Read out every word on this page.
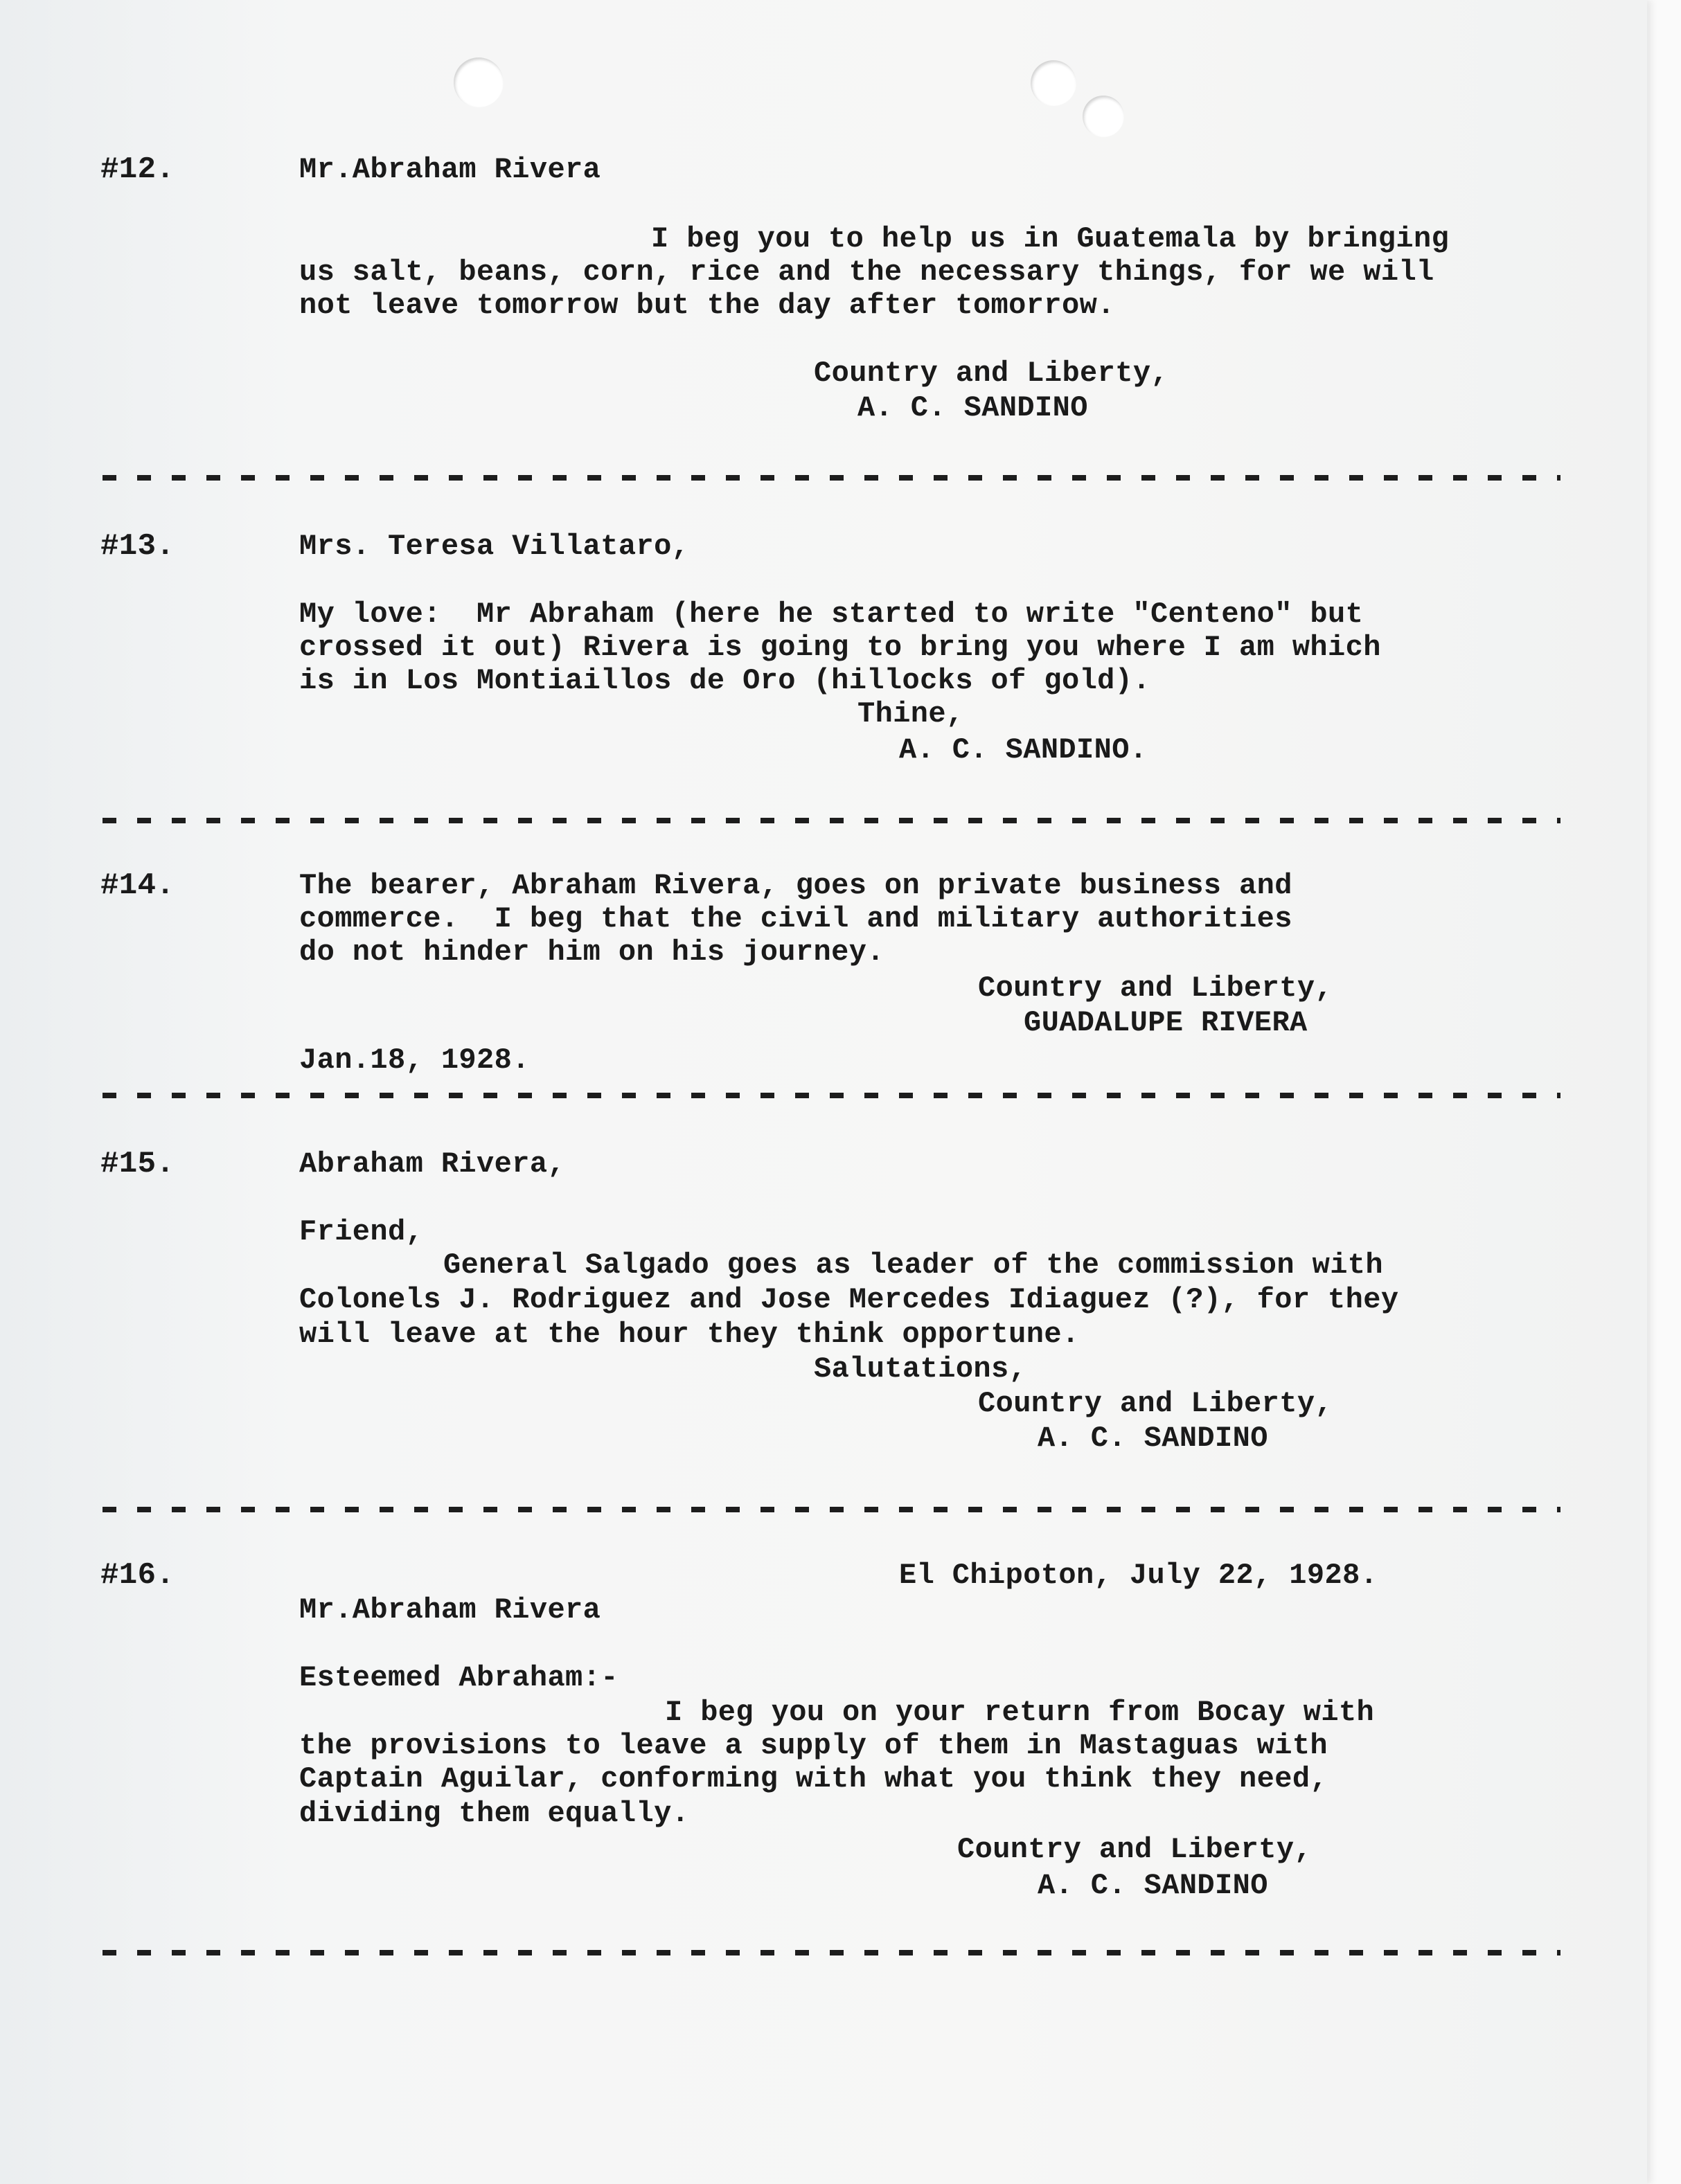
#12.	Mr.Abraham Rivera

I beg you to help us in Guatemala by bringing

us salt, beans, corn, rice and the necessary things, for we will

not leave tomorrow but the day after tomorrow.

Country and Liberty,

A. C. SANDINO

#13.	Mrs. Teresa Villataro,

My love:  Mr Abraham (here he started to write "Centeno" but

crossed it out) Rivera is going to bring you where I am which

is in Los Montiaillos de Oro (hillocks of gold).

Thine,

A. C. SANDINO.

#14.	The bearer, Abraham Rivera, goes on private business and

commerce.  I beg that the civil and military authorities

do not hinder him on his journey.

Country and Liberty,

GUADALUPE RIVERA

Jan.18, 1928.

#15.	Abraham Rivera,

Friend,

General Salgado goes as leader of the commission with

Colonels J. Rodriguez and Jose Mercedes Idiaguez (?), for they

will leave at the hour they think opportune.

Salutations,

Country and Liberty,

A. C. SANDINO

#16.	El Chipoton, July 22, 1928.

Mr.Abraham Rivera

Esteemed Abraham:-

I beg you on your return from Bocay with

the provisions to leave a supply of them in Mastaguas with

Captain Aguilar, conforming with what you think they need,

dividing them equally.

Country and Liberty,

A. C. SANDINO
